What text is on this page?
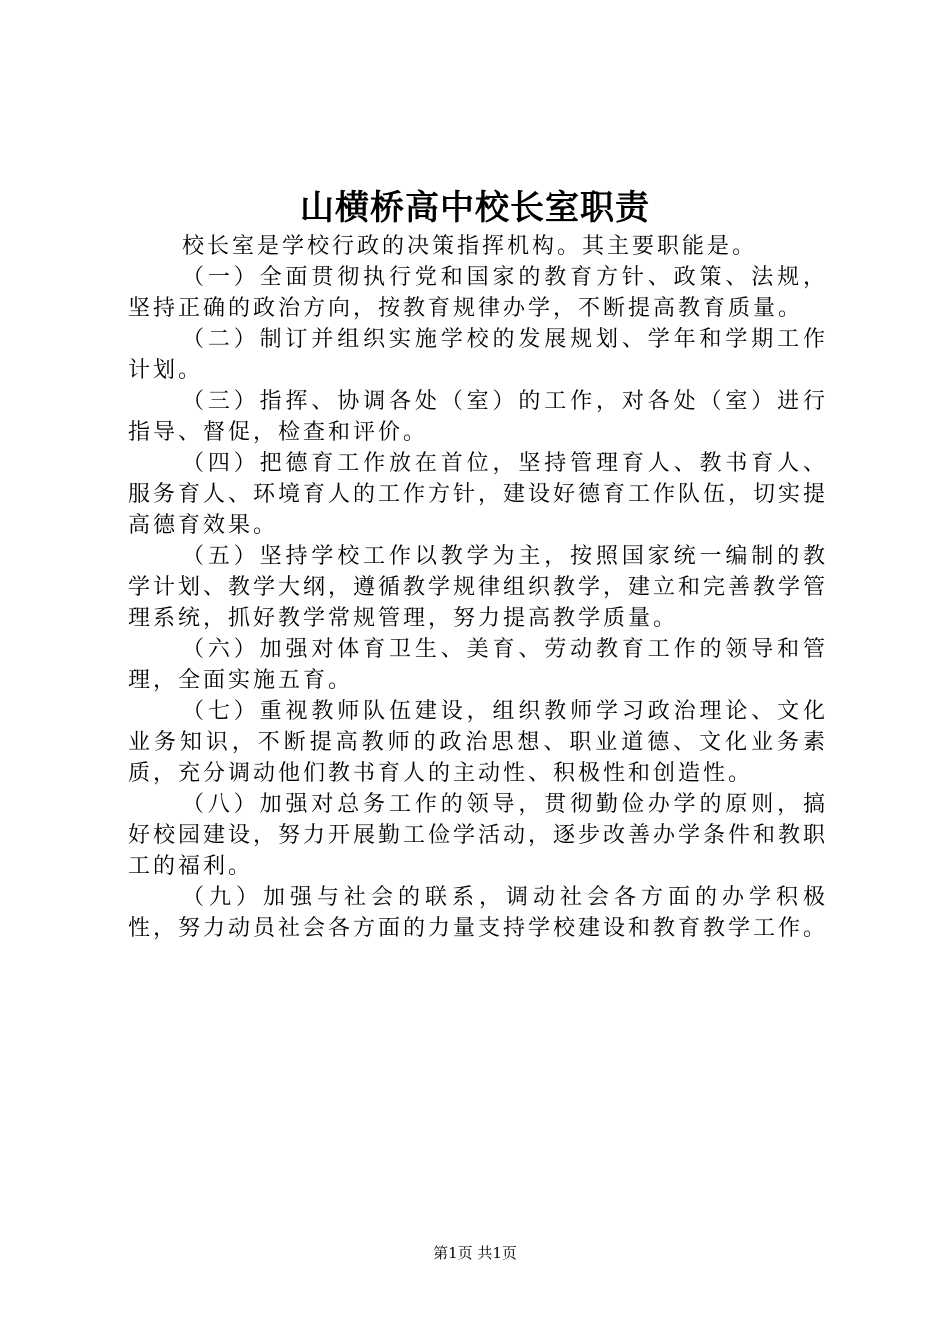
山横桥高中校长室职责

校长室是学校行政的决策指挥机构。其主要职能是。

（一）全面贯彻执行党和国家的教育方针、政策、法规，坚持正确的政治方向，按教育规律办学，不断提高教育质量。

（二）制订并组织实施学校的发展规划、学年和学期工作计划。

（三）指挥、协调各处（室）的工作，对各处（室）进行指导、督促，检查和评价。

（四）把德育工作放在首位，坚持管理育人、教书育人、服务育人、环境育人的工作方针，建设好德育工作队伍，切实提高德育效果。

（五）坚持学校工作以教学为主，按照国家统一编制的教学计划、教学大纲，遵循教学规律组织教学，建立和完善教学管理系统，抓好教学常规管理，努力提高教学质量。

（六）加强对体育卫生、美育、劳动教育工作的领导和管理，全面实施五育。

（七）重视教师队伍建设，组织教师学习政治理论、文化业务知识，不断提高教师的政治思想、职业道德、文化业务素质，充分调动他们教书育人的主动性、积极性和创造性。

（八）加强对总务工作的领导，贯彻勤俭办学的原则，搞好校园建设，努力开展勤工俭学活动，逐步改善办学条件和教职工的福利。

（九）加强与社会的联系，调动社会各方面的办学积极性，努力动员社会各方面的力量支持学校建设和教育教学工作。

第1页 共1页
